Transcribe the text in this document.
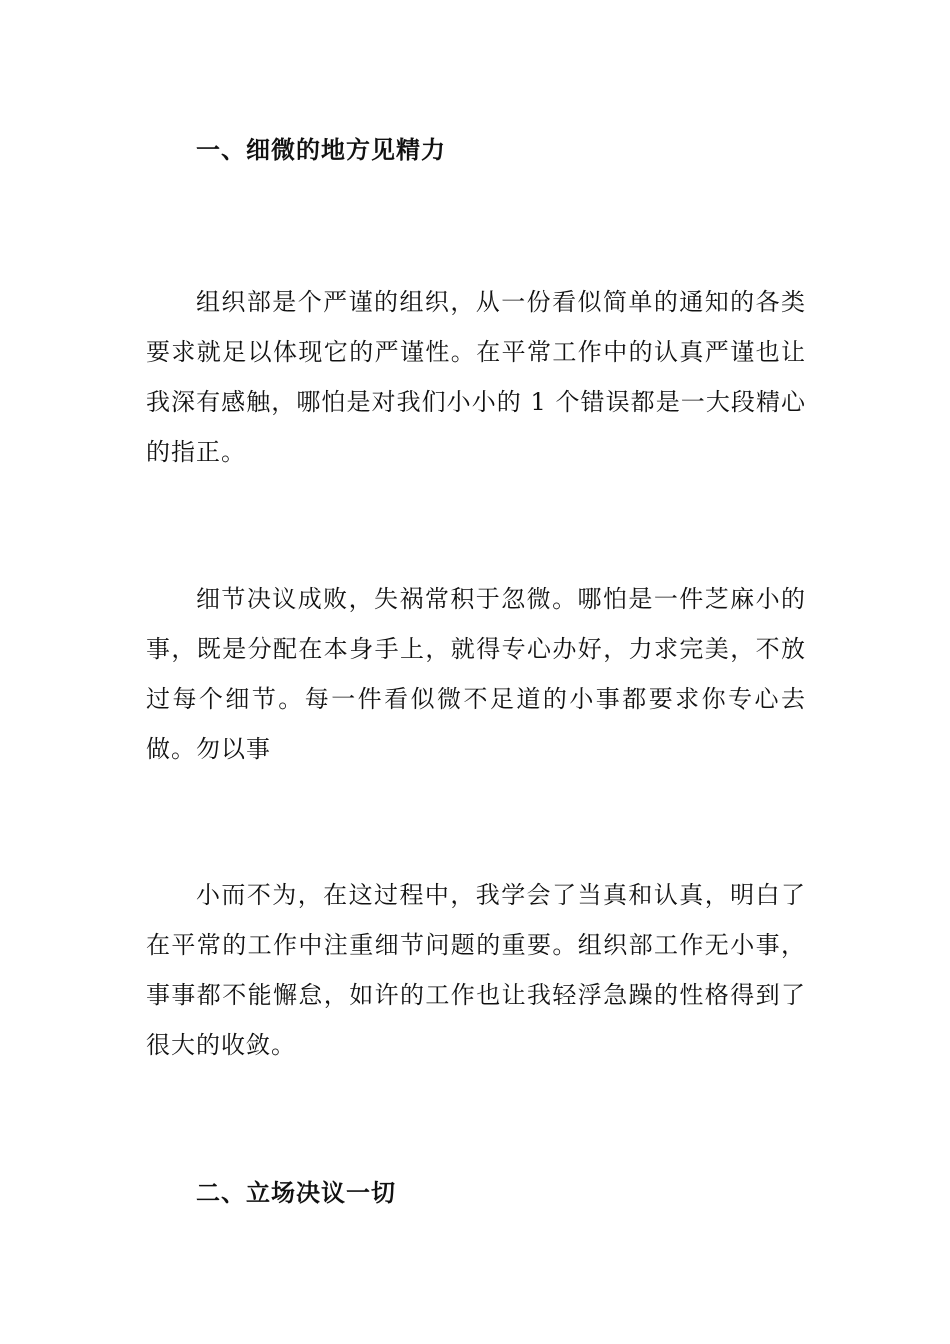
一、细微的地方见精力

组织部是个严谨的组织，从一份看似简单的通知的各类要求就足以体现它的严谨性。在平常工作中的认真严谨也让我深有感触，哪怕是对我们小小的 1 个错误都是一大段精心的指正。

细节决议成败，失祸常积于忽微。哪怕是一件芝麻小的事，既是分配在本身手上，就得专心办好，力求完美，不放过每个细节。每一件看似微不足道的小事都要求你专心去做。勿以事

小而不为，在这过程中，我学会了当真和认真，明白了在平常的工作中注重细节问题的重要。组织部工作无小事，事事都不能懈怠，如许的工作也让我轻浮急躁的性格得到了很大的收敛。

二、立场决议一切
